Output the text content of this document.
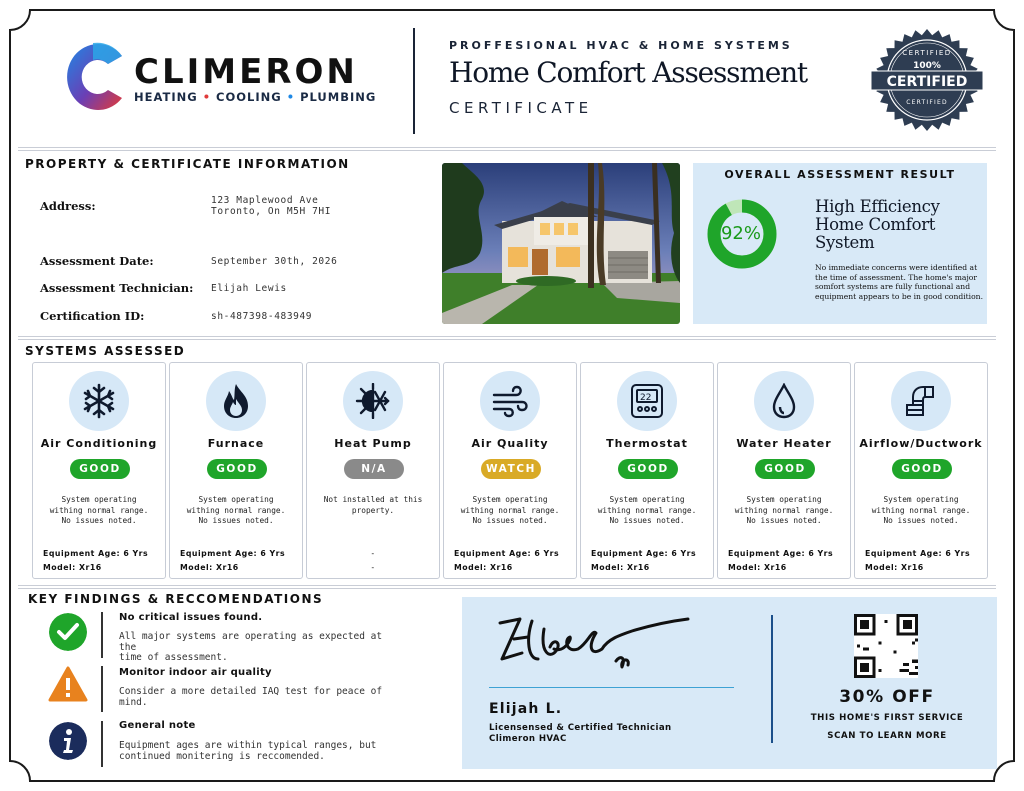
CLIMERON
HEATING • COOLING • PLUMBING
PROFFESIONAL HVAC & HOME SYSTEMS
Home Comfort Assessment
CERTIFICATE
CERTIFIED
100%
CERTIFIED
CERTIFIED
PROPERTY & CERTIFICATE INFORMATION
Address:	123 Maplewood Ave
Toronto, On M5H 7HI
Assessment Date:	September 30th, 2026
Assessment Technician: Elijah Lewis
Certification ID:	sh-487398-483949
OVERALL ASSESSMENT RESULT
92%
High Efficiency
Home Comfort
System
No immediate concerns were identified at the time of assessment. The home's major somfort systems are fully functional and equipment appears to be in good condition.
SYSTEMS ASSESSED
Air Conditioning
GOOD
System operating
withing normal range.
No issues noted.
Equipment Age: 6 Yrs
Model: Xr16
Furnace
GOOD
System operating
withing normal range.
No issues noted.
Equipment Age: 6 Yrs
Model: Xr16
Heat Pump
N/A
Not installed at this
property.
-
-
Air Quality
WATCH
System operating
withing normal range.
No issues noted.
Equipment Age: 6 Yrs
Model: Xr16
22
Thermostat
GOOD
System operating
withing normal range.
No issues noted.
Equipment Age: 6 Yrs
Model: Xr16
Water Heater
GOOD
System operating
withing normal range.
No issues noted.
Equipment Age: 6 Yrs
Model: Xr16
Airflow/Ductwork
GOOD
System operating
withing normal range.
No issues noted.
Equipment Age: 6 Yrs
Model: Xr16
KEY FINDINGS & RECCOMENDATIONS
No critical issues found.
All major systems are operating as expected at the
time of assessment.
Monitor indoor air quality
Consider a more detailed IAQ test for peace of
mind.
General note
Equipment ages are within typical ranges, but
continued monitering is reccomended.
Elijah L.
Licensensed & Certified Technician
Climeron HVAC
30% OFF
THIS HOME'S FIRST SERVICE
SCAN TO LEARN MORE
